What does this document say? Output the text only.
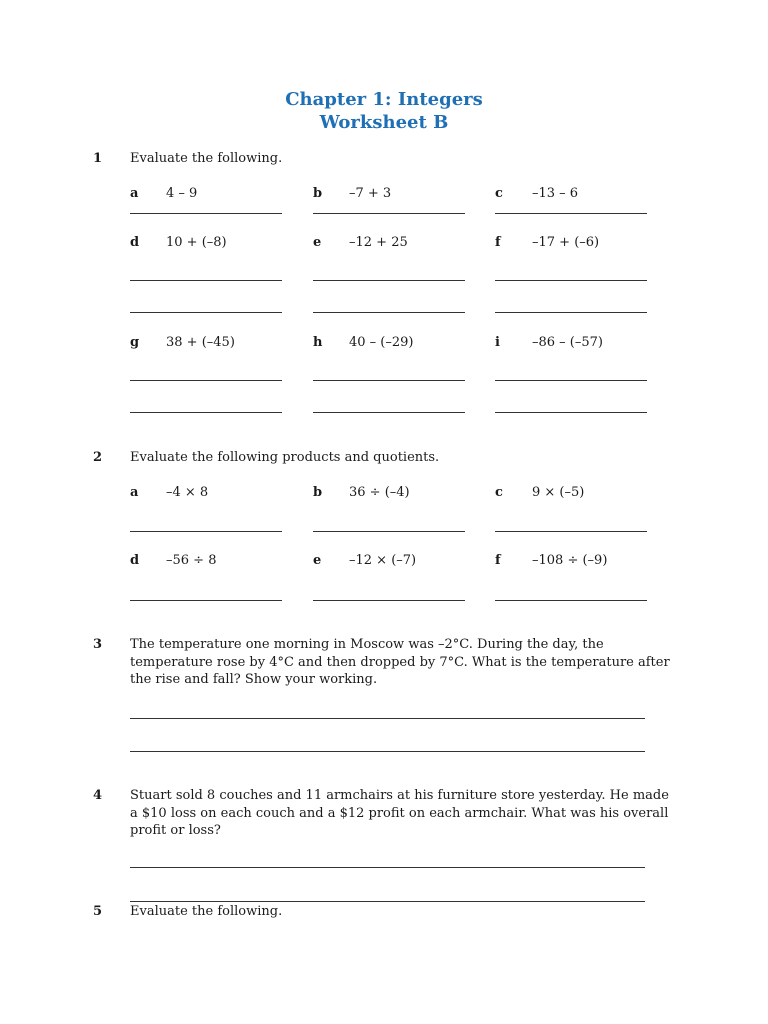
Chapter 1: Integers
Worksheet B
1 Evaluate the following.
a 4 – 9	b –7 + 3	c –13 – 6
d 10 + (–8)	e –12 + 25	f –17 + (–6)
g 38 + (–45)	h 40 – (–29)	i –86 – (–57)
2 Evaluate the following products and quotients.
a –4 × 8	b 36 ÷ (–4)	c 9 × (–5)
d –56 ÷ 8	e –12 × (–7)	f –108 ÷ (–9)
3 The temperature one morning in Moscow was –2°C. During the day, the temperature rose by 4°C and then dropped by 7°C. What is the temperature after the rise and fall? Show your working.
4 Stuart sold 8 couches and 11 armchairs at his furniture store yesterday. He made a $10 loss on each couch and a $12 profit on each armchair. What was his overall profit or loss?
5 Evaluate the following.
